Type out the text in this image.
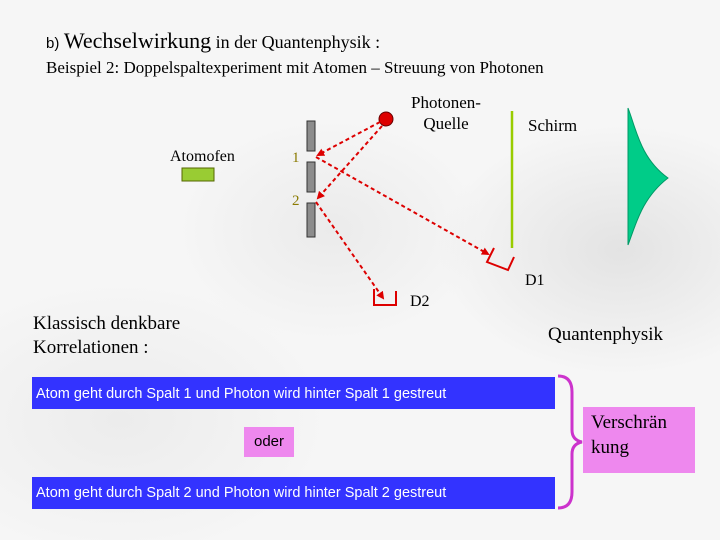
b) Wechselwirkung in der Quantenphysik :
Beispiel 2: Doppelspaltexperiment mit Atomen – Streuung von Photonen
Photonen-
Quelle	Schirm
Atomofen	1
2
D1
D2
Klassisch denkbare
Korrelationen :
Quantenphysik
Atom geht durch Spalt 1 und Photon wird hinter Spalt 1 gestreut
oder
Atom geht durch Spalt 2 und Photon wird hinter Spalt 2 gestreut
Verschrän
kung
